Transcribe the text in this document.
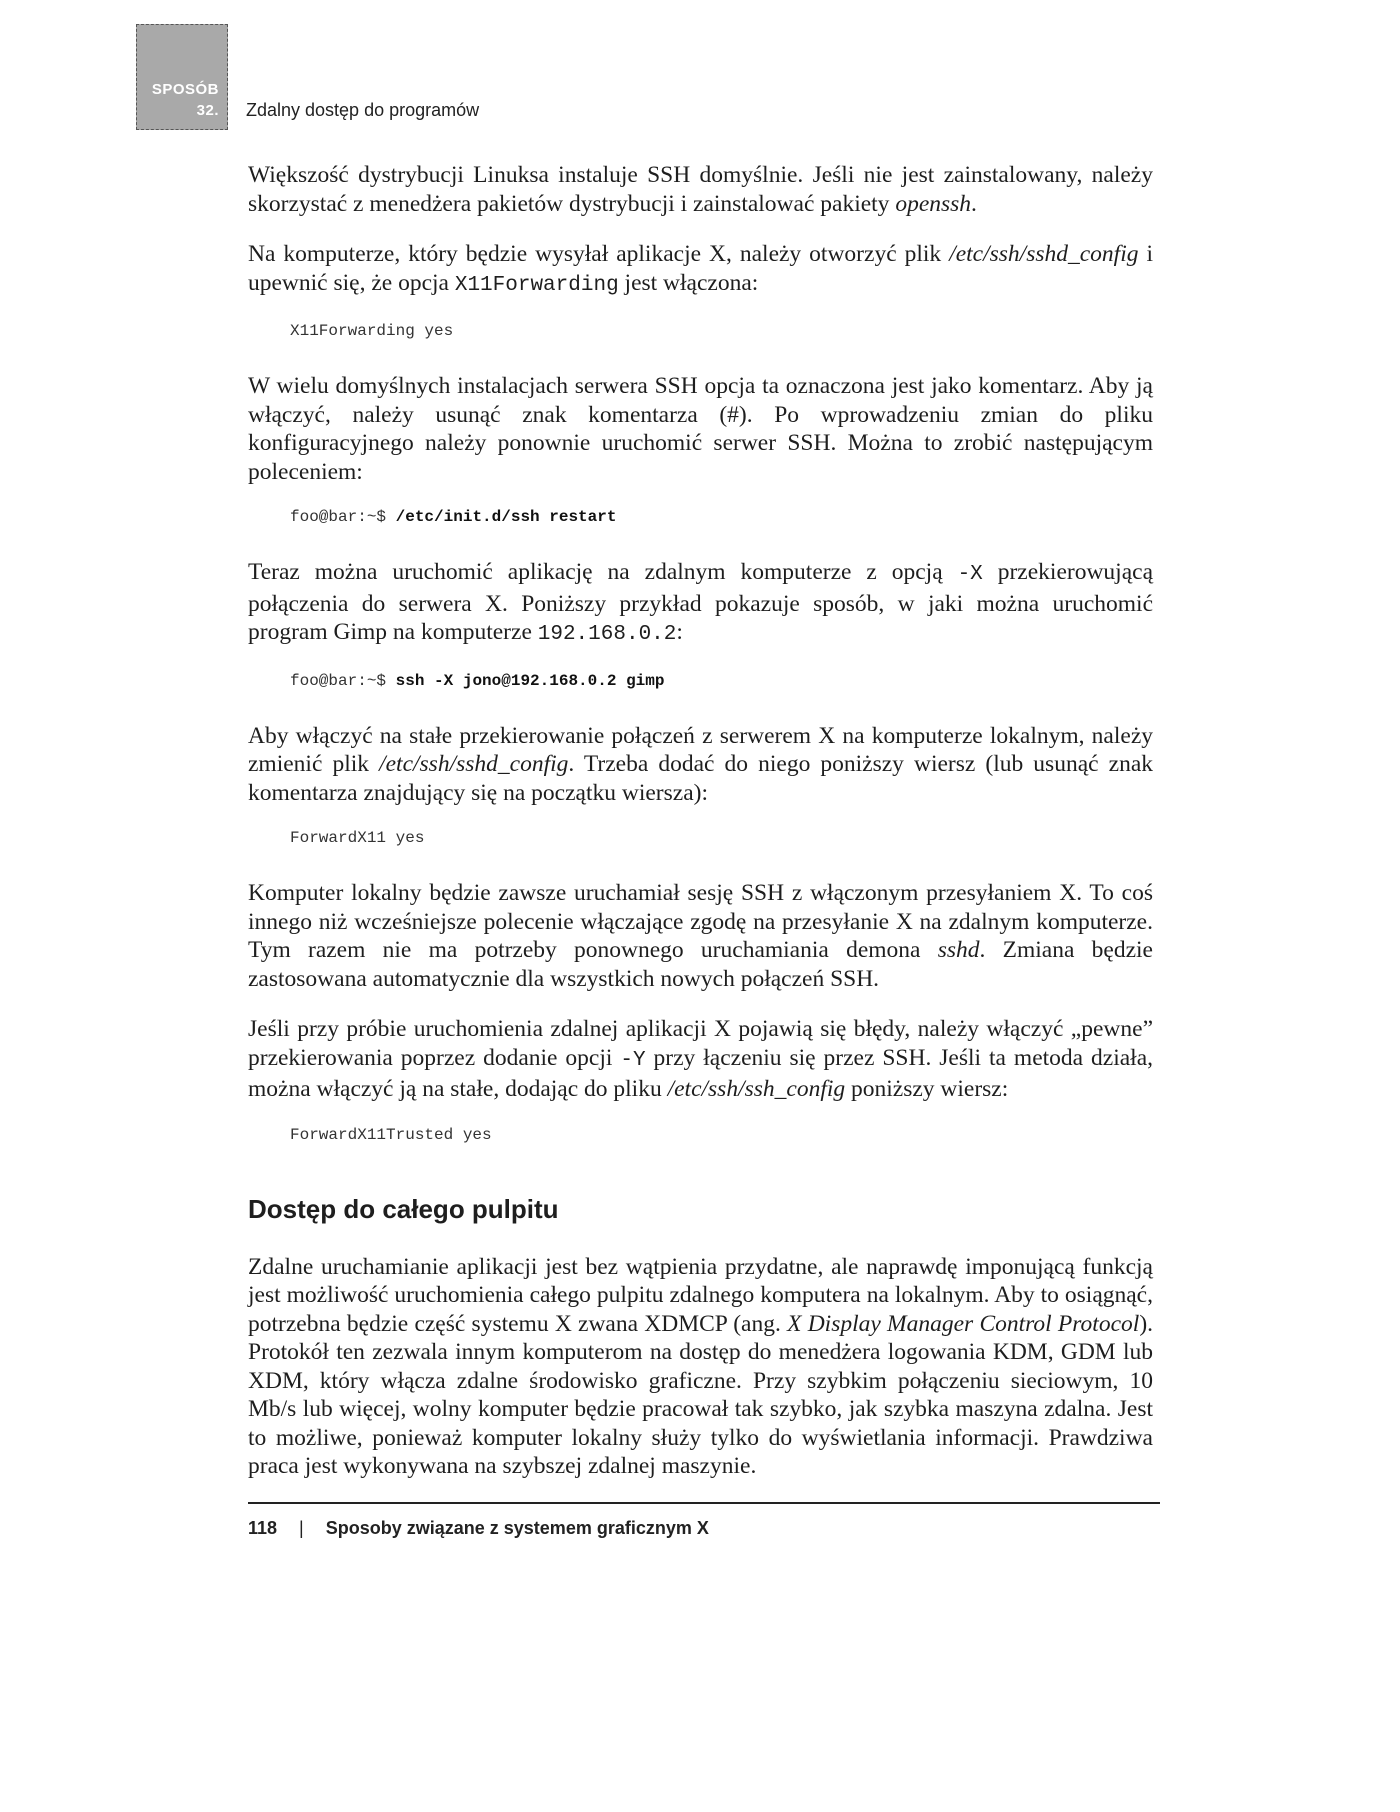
SPOSÓB
32. Zdalny dostęp do programów

Większość dystrybucji Linuksa instaluje SSH domyślnie. Jeśli nie jest zainstalowany, należy skorzystać z menedżera pakietów dystrybucji i zainstalować pakiety openssh.

Na komputerze, który będzie wysyłał aplikacje X, należy otworzyć plik /etc/ssh/sshd_config i upewnić się, że opcja X11Forwarding jest włączona:

X11Forwarding yes

W wielu domyślnych instalacjach serwera SSH opcja ta oznaczona jest jako komentarz. Aby ją włączyć, należy usunąć znak komentarza (#). Po wprowadzeniu zmian do pliku konfiguracyjnego należy ponownie uruchomić serwer SSH. Można to zrobić następującym poleceniem:

foo@bar:~$ /etc/init.d/ssh restart

Teraz można uruchomić aplikację na zdalnym komputerze z opcją -X przekierowującą połączenia do serwera X. Poniższy przykład pokazuje sposób, w jaki można uruchomić program Gimp na komputerze 192.168.0.2:

foo@bar:~$ ssh -X jono@192.168.0.2 gimp

Aby włączyć na stałe przekierowanie połączeń z serwerem X na komputerze lokalnym, należy zmienić plik /etc/ssh/sshd_config. Trzeba dodać do niego poniższy wiersz (lub usunąć znak komentarza znajdujący się na początku wiersza):

ForwardX11 yes

Komputer lokalny będzie zawsze uruchamiał sesję SSH z włączonym przesyłaniem X. To coś innego niż wcześniejsze polecenie włączające zgodę na przesyłanie X na zdalnym komputerze. Tym razem nie ma potrzeby ponownego uruchamiania demona sshd. Zmiana będzie zastosowana automatycznie dla wszystkich nowych połączeń SSH.

Jeśli przy próbie uruchomienia zdalnej aplikacji X pojawią się błędy, należy włączyć „pewne” przekierowania poprzez dodanie opcji -Y przy łączeniu się przez SSH. Jeśli ta metoda działa, można włączyć ją na stałe, dodając do pliku /etc/ssh/ssh_config poniższy wiersz:

ForwardX11Trusted yes
Dostęp do całego pulpitu

Zdalne uruchamianie aplikacji jest bez wątpienia przydatne, ale naprawdę imponującą funkcją jest możliwość uruchomienia całego pulpitu zdalnego komputera na lokalnym. Aby to osiągnąć, potrzebna będzie część systemu X zwana XDMCP (ang. X Display Manager Control Protocol). Protokół ten zezwala innym komputerom na dostęp do menedżera logowania KDM, GDM lub XDM, który włącza zdalne środowisko graficzne. Przy szybkim połączeniu sieciowym, 10 Mb/s lub więcej, wolny komputer będzie pracował tak szybko, jak szybka maszyna zdalna. Jest to możliwe, ponieważ komputer lokalny służy tylko do wyświetlania informacji. Prawdziwa praca jest wykonywana na szybszej zdalnej maszynie.

118 | Sposoby związane z systemem graficznym X
